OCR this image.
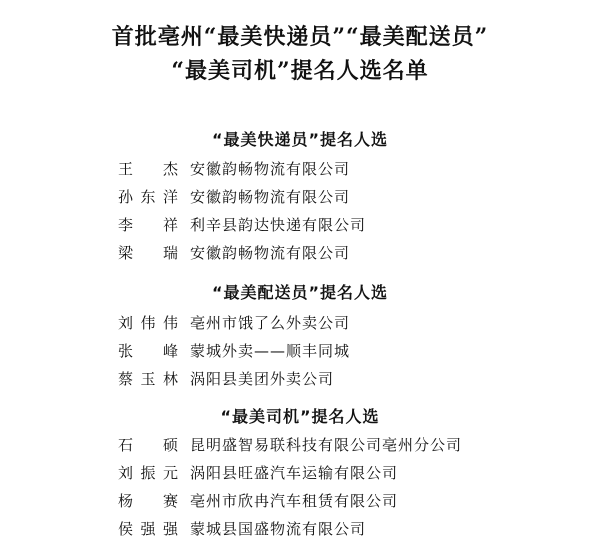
首批亳州“最美快递员”“最美配送员”
“最美司机”提名人选名单
“最美快递员”提名人选
王杰 安徽韵畅物流有限公司
孙东洋 安徽韵畅物流有限公司
李祥 利辛县韵达快递有限公司
梁瑞 安徽韵畅物流有限公司
“最美配送员”提名人选
刘伟伟 亳州市饿了么外卖公司
张峰 蒙城外卖——顺丰同城
蔡玉林 涡阳县美团外卖公司
“最美司机”提名人选
石硕 昆明盛智易联科技有限公司亳州分公司
刘振元 涡阳县旺盛汽车运输有限公司
杨赛 亳州市欣冉汽车租赁有限公司
侯强强 蒙城县国盛物流有限公司
